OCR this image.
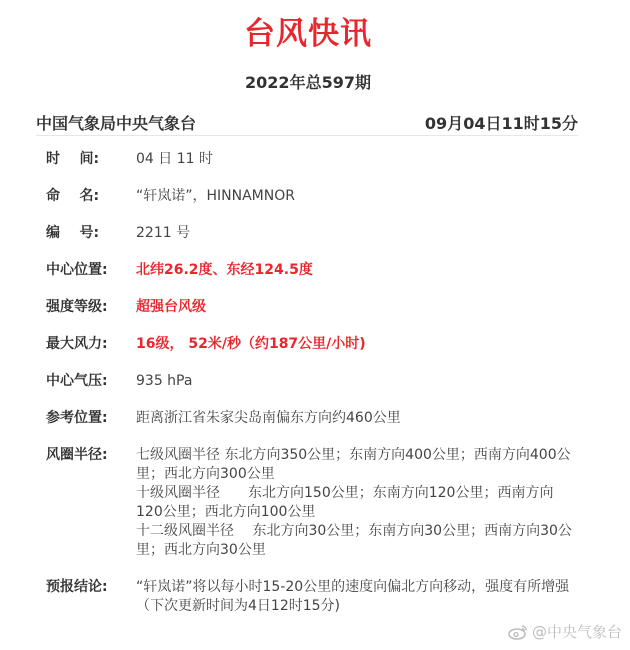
台风快讯
2022年总597期
中国气象局中央气象台	09月04日11时15分
时    间:	04 日 11 时
命    名:	“轩岚诺”，HINNAMNOR
编    号:	2211 号
中心位置:	北纬26.2度、东经124.5度
强度等级:	超强台风级
最大风力:	16级， 52米/秒（约187公里/小时)
中心气压:	935 hPa
参考位置:	距离浙江省朱家尖岛南偏东方向约460公里
风圈半径:	七级风圈半径 东北方向350公里；东南方向400公里；西南方向400公里；西北方向300公里

十级风圈半径　　东北方向150公里；东南方向120公里；西南方向120公里；西北方向100公里

十二级风圈半径　 东北方向30公里；东南方向30公里；西南方向30公里；西北方向30公里

预报结论:	“轩岚诺”将以每小时15-20公里的速度向偏北方向移动，强度有所增强

（下次更新时间为4日12时15分)

@中央气象台
